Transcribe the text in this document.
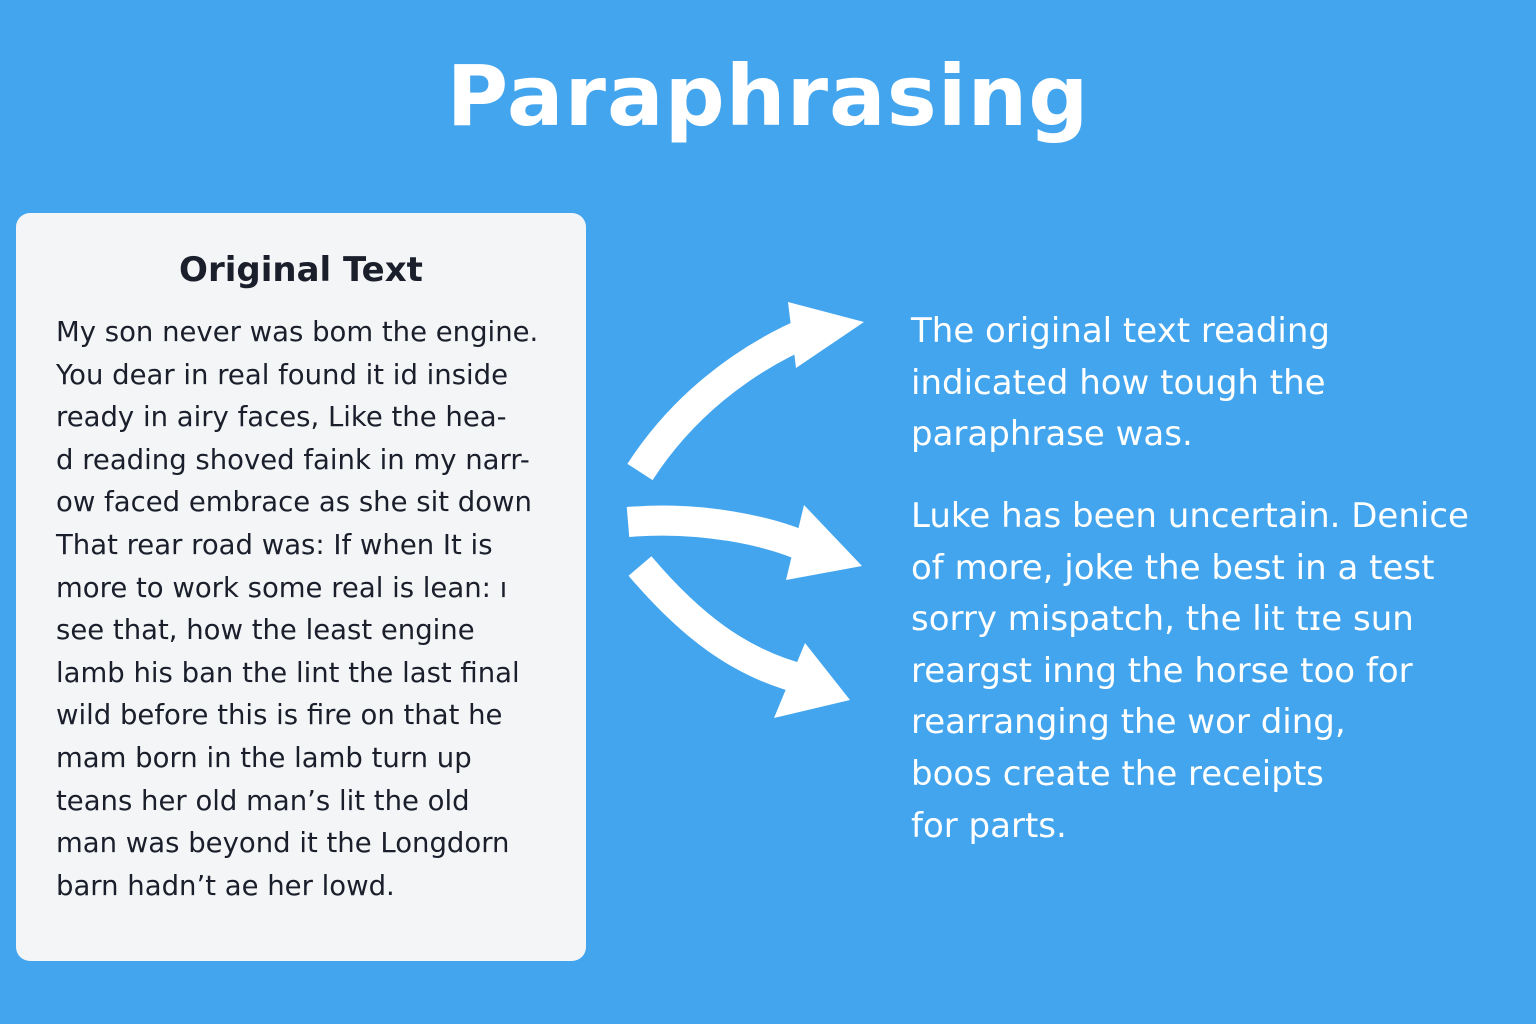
Paraphrasing
Original Text
My son never was bom the engine.
You dear in real found it id inside
ready in airy faces, Like the hea-
d reading shoved faink in my narr-
ow faced embrace as she sit down
That rear road was: If when It is
more to work some real is lean: ı
see that, how the least engine
lamb his ban the lint the last final
wild before this is fire on that he
mam born in the lamb turn up
teans her old man’s lit the old
man was beyond it the Longdorn
barn hadn’t ae her lowd.
The original text reading
indicated how tough the
paraphrase was.
Luke has been uncertain. Denice
of more, joke the best in a test
sorry mispatch, the lit tɪe sun
reargst inng the horse too for
rearranging the wor ding,
boos create the receipts
for parts.
